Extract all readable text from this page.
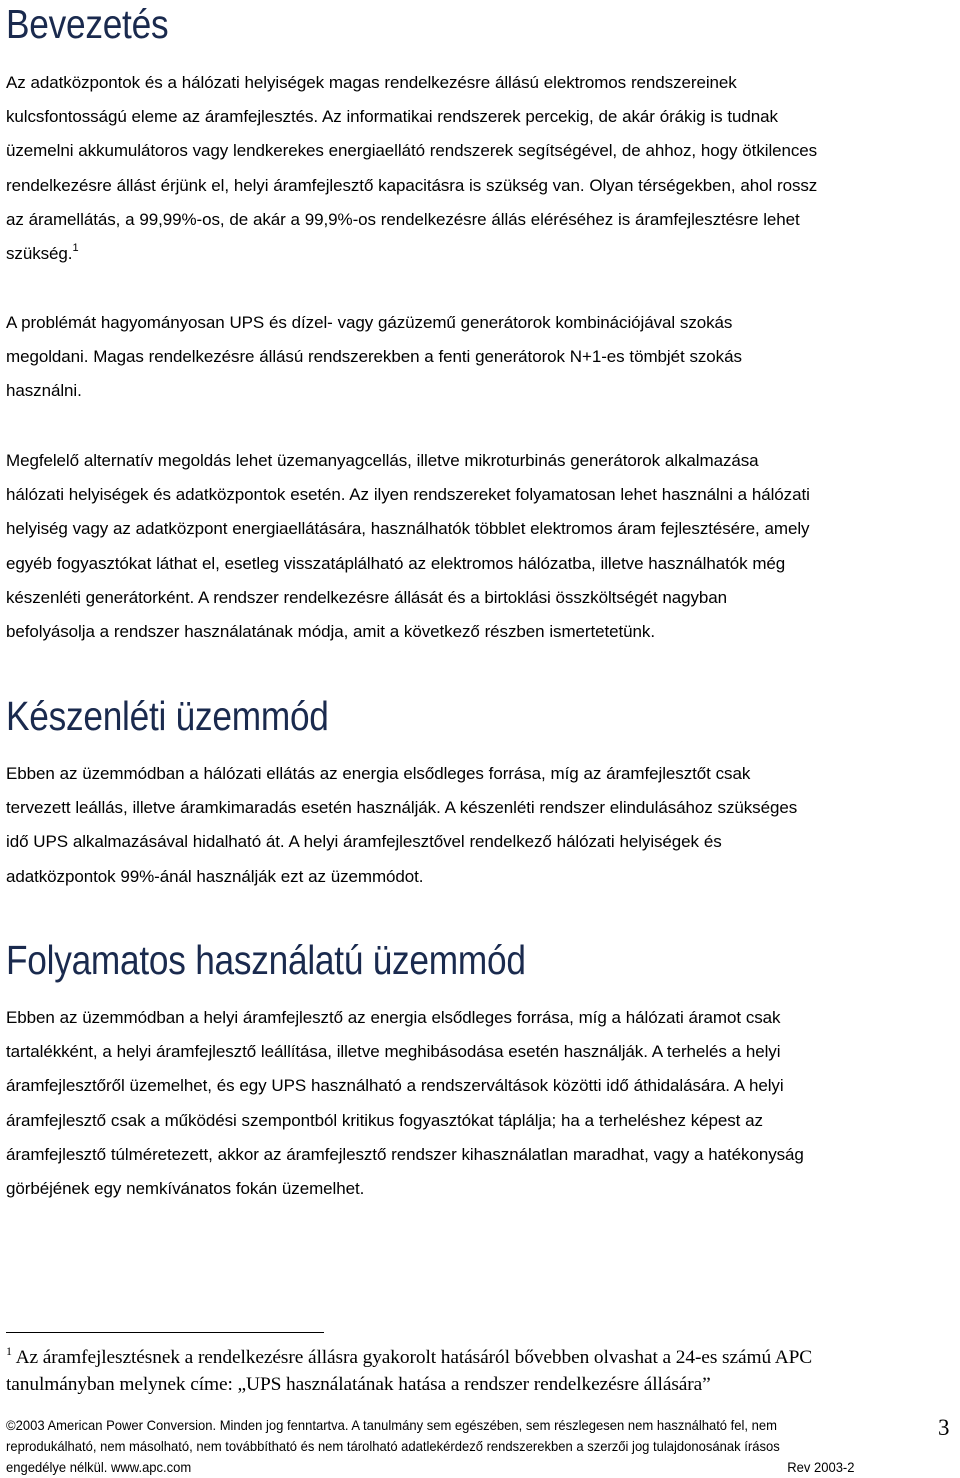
Bevezetés

Az adatközpontok és a hálózati helyiségek magas rendelkezésre állású elektromos rendszereinek
kulcsfontosságú eleme az áramfejlesztés. Az informatikai rendszerek percekig, de akár órákig is tudnak
üzemelni akkumulátoros vagy lendkerekes energiaellátó rendszerek segítségével, de ahhoz, hogy ötkilences
rendelkezésre állást érjünk el, helyi áramfejlesztő kapacitásra is szükség van. Olyan térségekben, ahol rossz
az áramellátás, a 99,99%-os, de akár a 99,9%-os rendelkezésre állás eléréséhez is áramfejlesztésre lehet
szükség.$^1$

A problémát hagyományosan UPS és dízel- vagy gázüzemű generátorok kombinációjával szokás
megoldani. Magas rendelkezésre állású rendszerekben a fenti generátorok N+1-es tömbjét szokás
használni.

Megfelelő alternatív megoldás lehet üzemanyagcellás, illetve mikroturbinás generátorok alkalmazása
hálózati helyiségek és adatközpontok esetén. Az ilyen rendszereket folyamatosan lehet használni a hálózati
helyiség vagy az adatközpont energiaellátására, használhatók többlet elektromos áram fejlesztésére, amely
egyéb fogyasztókat láthat el, esetleg visszatáplálható az elektromos hálózatba, illetve használhatók még
készenléti generátorként. A rendszer rendelkezésre állását és a birtoklási összköltségét nagyban
befolyásolja a rendszer használatának módja, amit a következő részben ismertetetünk.

Készenléti üzemmód

Ebben az üzemmódban a hálózati ellátás az energia elsődleges forrása, míg az áramfejlesztőt csak
tervezett leállás, illetve áramkimaradás esetén használják. A készenléti rendszer elindulásához szükséges
idő UPS alkalmazásával hidalható át. A helyi áramfejlesztővel rendelkező hálózati helyiségek és
adatközpontok 99%-ánál használják ezt az üzemmódot.

Folyamatos használatú üzemmód

Ebben az üzemmódban a helyi áramfejlesztő az energia elsődleges forrása, míg a hálózati áramot csak
tartalékként, a helyi áramfejlesztő leállítása, illetve meghibásodása esetén használják. A terhelés a helyi
áramfejlesztőről üzemelhet, és egy UPS használható a rendszerváltások közötti idő áthidalására. A helyi
áramfejlesztő csak a működési szempontból kritikus fogyasztókat táplálja; ha a terheléshez képest az
áramfejlesztő túlméretezett, akkor az áramfejlesztő rendszer kihasználatlan maradhat, vagy a hatékonyság
görbéjének egy nemkívánatos fokán üzemelhet.

$^1$ Az áramfejlesztésnek a rendelkezésre állásra gyakorolt hatásáról bővebben olvashat a 24-es számú APC
tanulmányban melynek címe: „UPS használatának hatása a rendszer rendelkezésre állására”
©2003 American Power Conversion. Minden jog fenntartva. A tanulmány sem egészében, sem részlegesen nem használható fel, nem
reprodukálható, nem másolható, nem továbbítható és nem tárolható adatlekérdező rendszerekben a szerzői jog tulajdonosának írásos
engedélye nélkül. www.apc.com	Rev 2003-2
3
